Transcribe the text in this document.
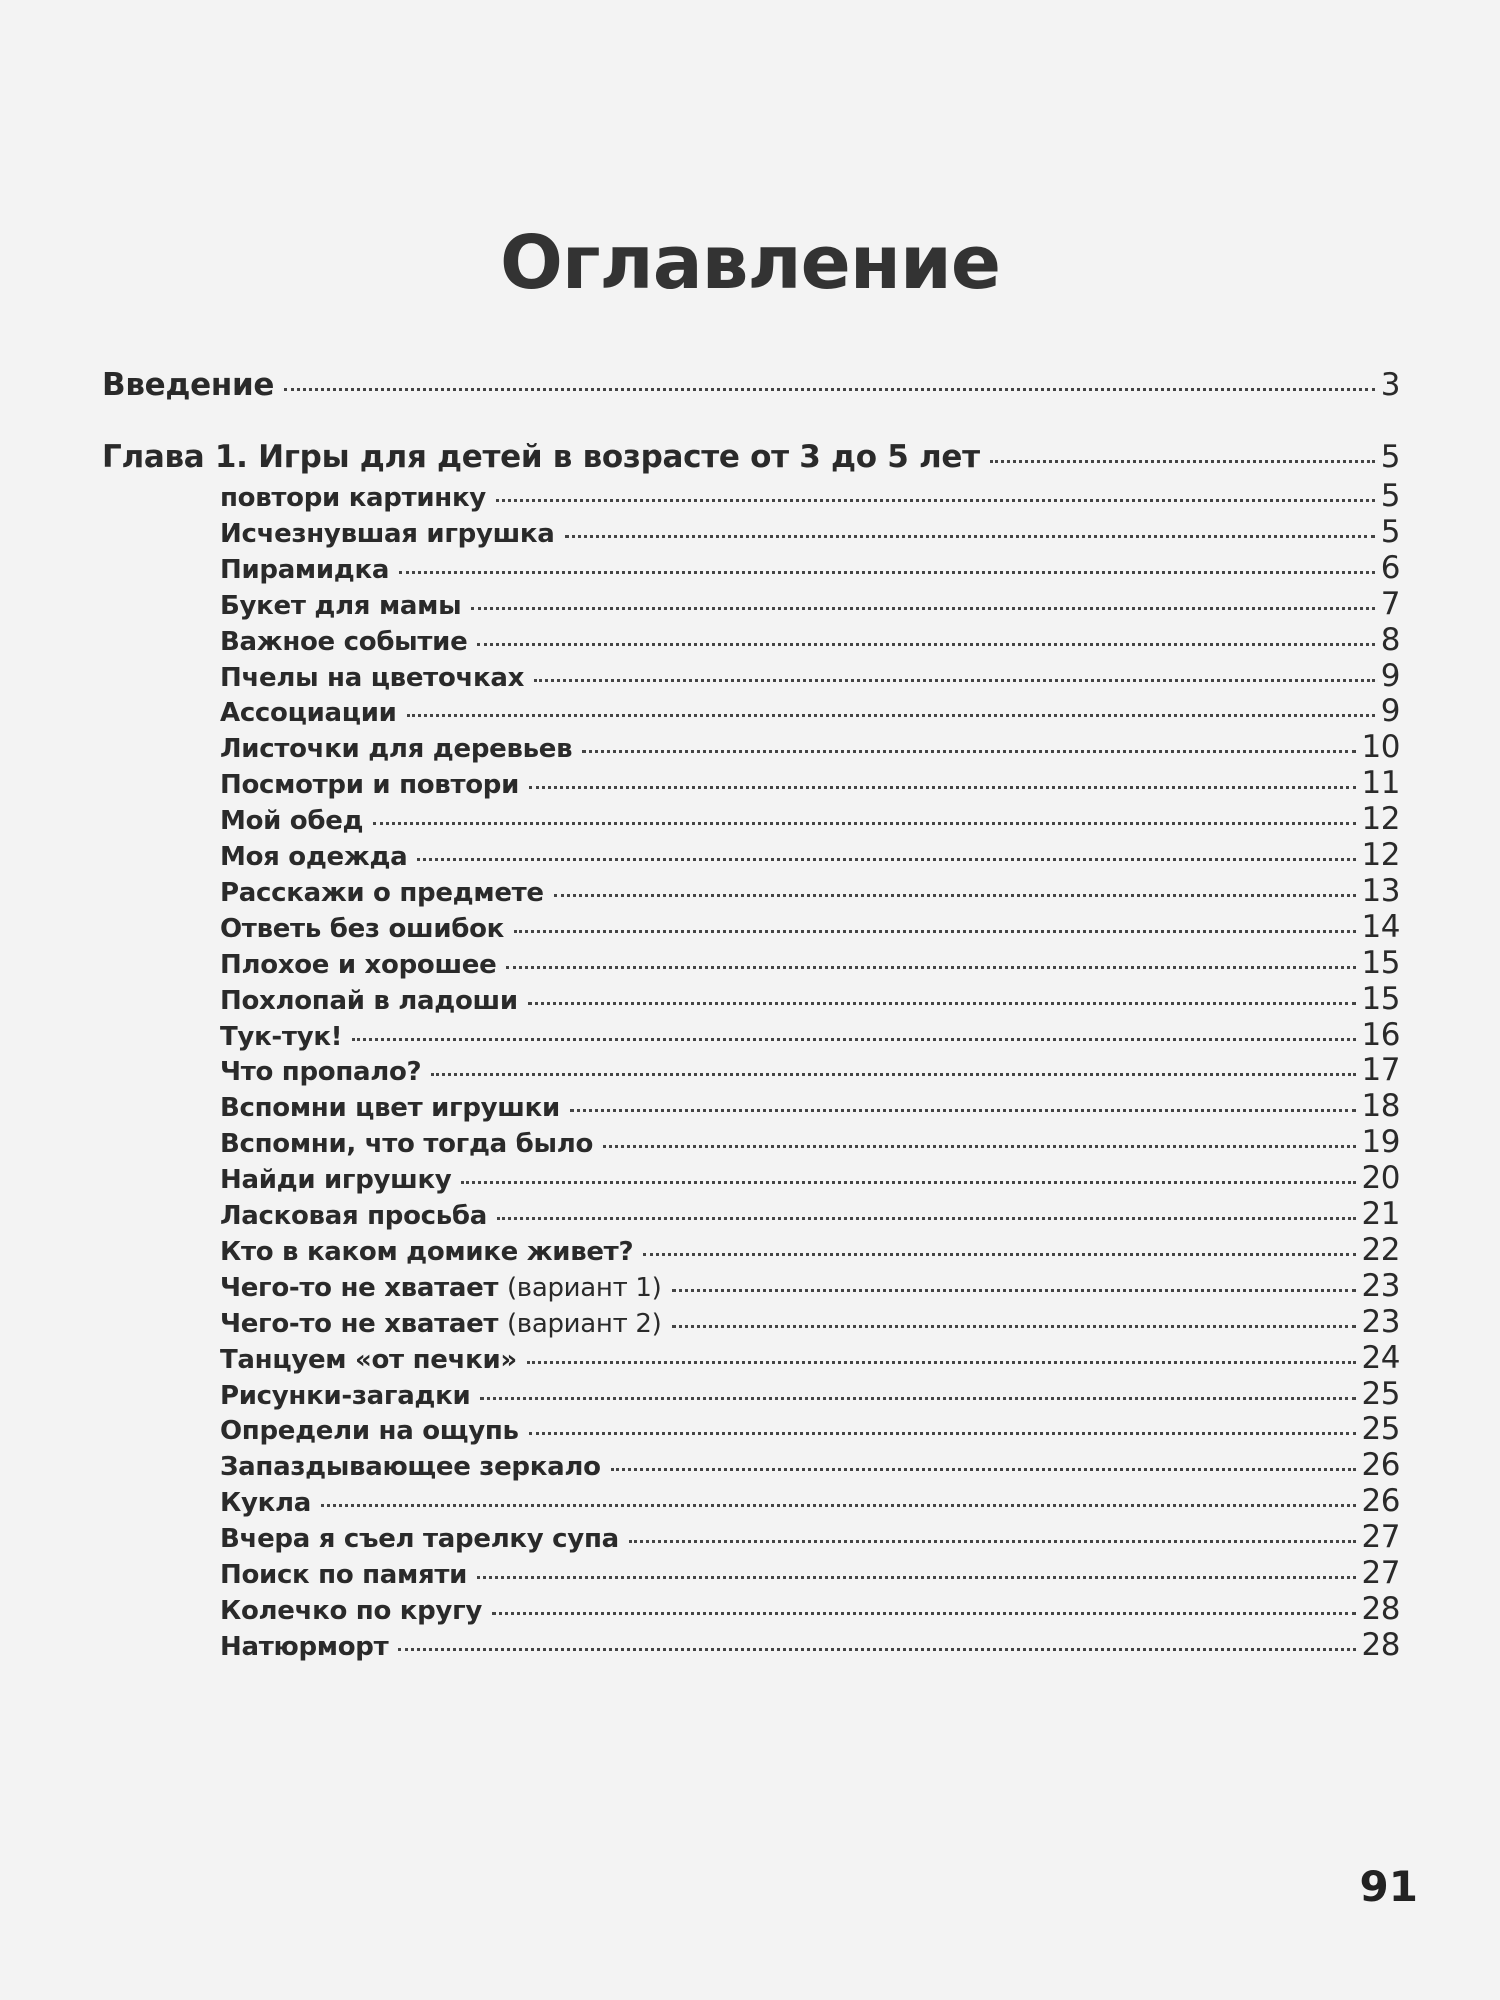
Оглавление
Введение	3
Глава 1. Игры для детей в возрасте от 3 до 5 лет	5
повтори картинку	5
Исчезнувшая игрушка	5
Пирамидка	6
Букет для мамы	7
Важное событие	8
Пчелы на цветочках	9
Ассоциации	9
Листочки для деревьев	10
Посмотри и повтори	11
Мой обед	12
Моя одежда	12
Расскажи о предмете	13
Ответь без ошибок	14
Плохое и хорошее	15
Похлопай в ладоши	15
Тук-тук!	16
Что пропало?	17
Вспомни цвет игрушки	18
Вспомни, что тогда было	19
Найди игрушку	20
Ласковая просьба	21
Кто в каком домике живет?	22
Чего-то не хватает (вариант 1)	23
Чего-то не хватает (вариант 2)	23
Танцуем «от печки»	24
Рисунки-загадки	25
Определи на ощупь	25
Запаздывающее зеркало	26
Кукла	26
Вчера я съел тарелку супа	27
Поиск по памяти	27
Колечко по кругу	28
Натюрморт	28
91
